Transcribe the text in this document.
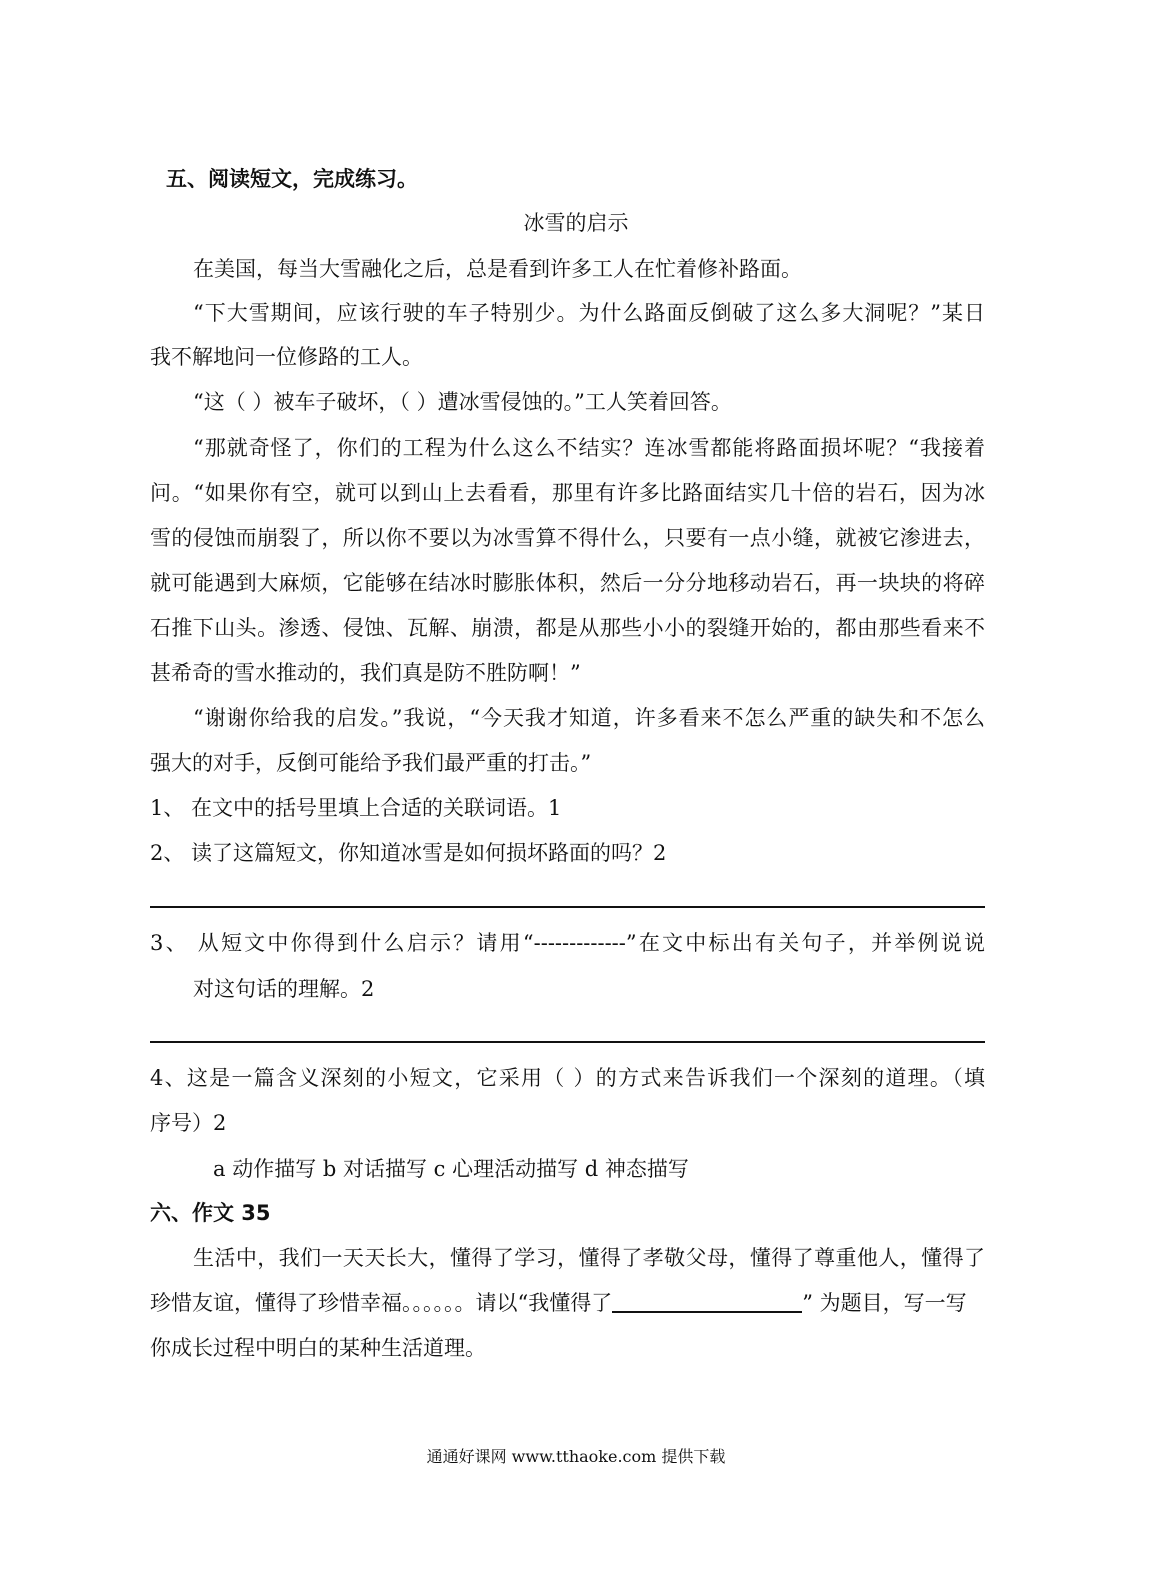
五、阅读短文，完成练习。
冰雪的启示
在美国，每当大雪融化之后，总是看到许多工人在忙着修补路面。
“下大雪期间，应该行驶的车子特别少。为什么路面反倒破了这么多大洞呢？”某日
我不解地问一位修路的工人。
“这（ ）被车子破坏，（ ）遭冰雪侵蚀的。”工人笑着回答。
“那就奇怪了，你们的工程为什么这么不结实？连冰雪都能将路面损坏呢？“我接着
问。“如果你有空，就可以到山上去看看，那里有许多比路面结实几十倍的岩石，因为冰
雪的侵蚀而崩裂了，所以你不要以为冰雪算不得什么，只要有一点小缝，就被它渗进去，
就可能遇到大麻烦，它能够在结冰时膨胀体积，然后一分分地移动岩石，再一块块的将碎
石推下山头。渗透、侵蚀、瓦解、崩溃，都是从那些小小的裂缝开始的，都由那些看来不
甚希奇的雪水推动的，我们真是防不胜防啊！”
“谢谢你给我的启发。”我说，“今天我才知道，许多看来不怎么严重的缺失和不怎么
强大的对手，反倒可能给予我们最严重的打击。”
1、 在文中的括号里填上合适的关联词语。1
2、 读了这篇短文，你知道冰雪是如何损坏路面的吗？2
3、 从短文中你得到什么启示？请用“-------------”在文中标出有关句子，并举例说说
对这句话的理解。2
4、这是一篇含义深刻的小短文，它采用（ ）的方式来告诉我们一个深刻的道理。（填
序号）2
a 动作描写 b 对话描写 c 心理活动描写 d 神态描写
六、作文 35
生活中，我们一天天长大，懂得了学习，懂得了孝敬父母，懂得了尊重他人，懂得了
珍惜友谊，懂得了珍惜幸福。。。。。。请以“我懂得了	” 为题目，写一写
你成长过程中明白的某种生活道理。
通通好课网 www.tthaoke.com 提供下载
